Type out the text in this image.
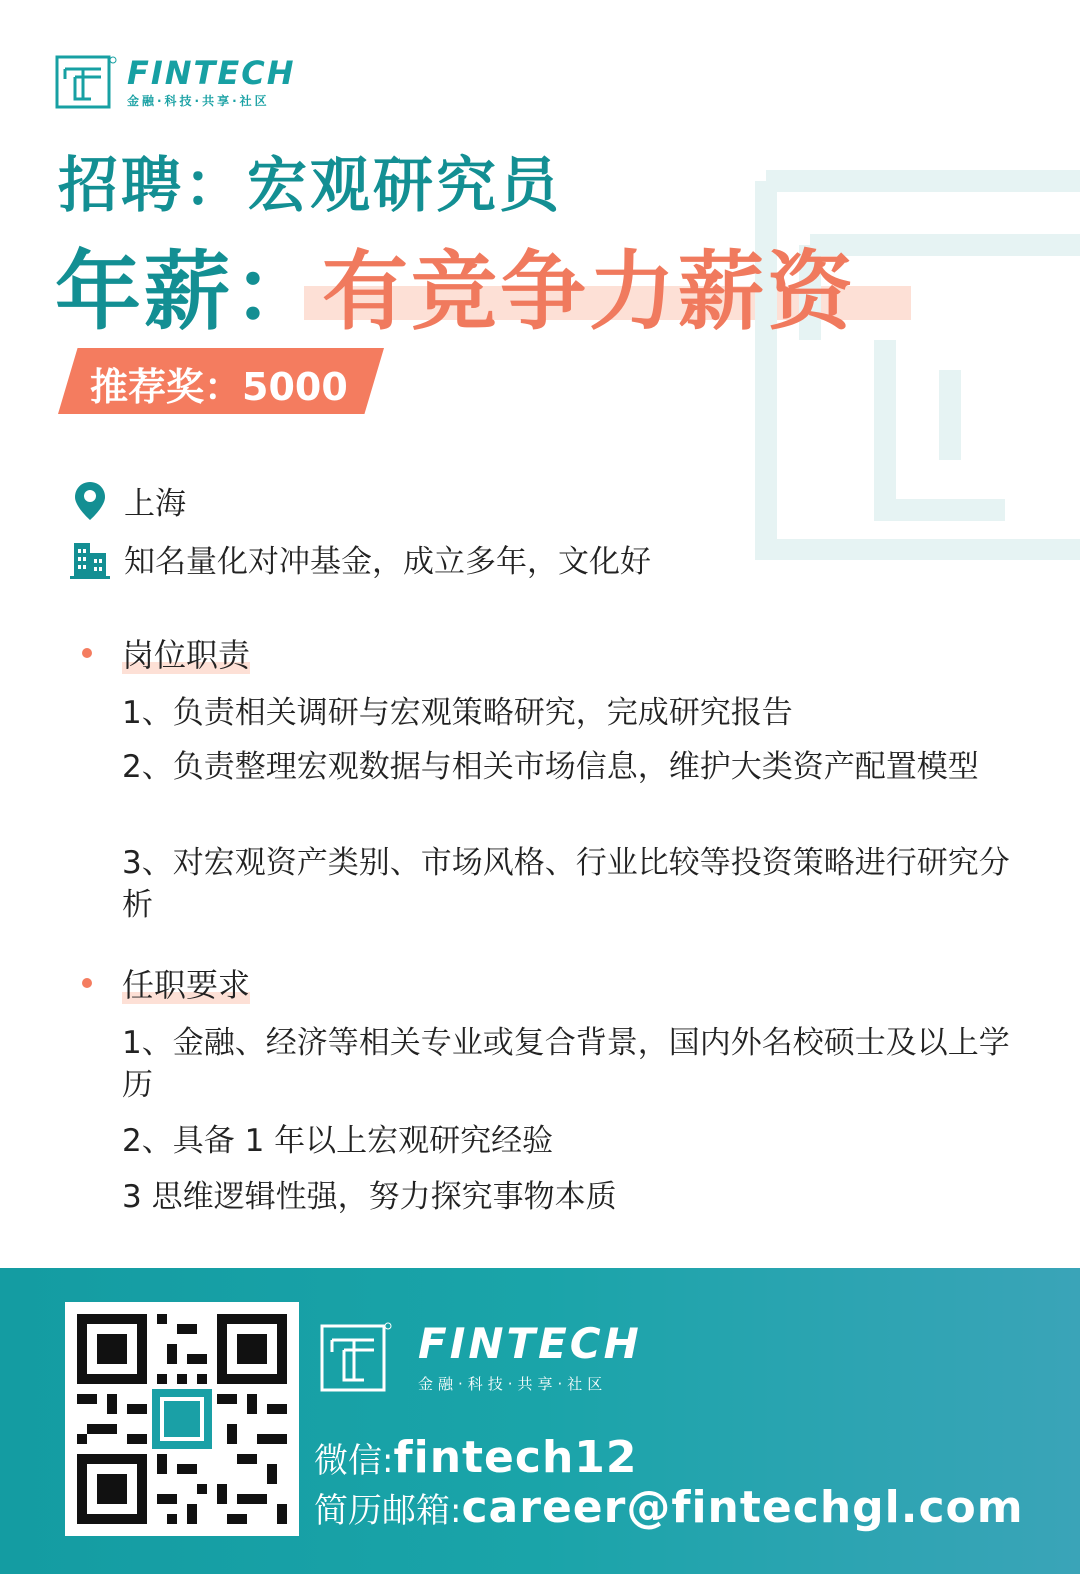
FINTECH
金融·科技·共享·社区
招聘：宏观研究员
年薪：
有竞争力薪资
推荐奖：5000
上海
知名量化对冲基金，成立多年，文化好
岗位职责
1、负责相关调研与宏观策略研究，完成研究报告
2、负责整理宏观数据与相关市场信息，维护大类资产配置模型
3、对宏观资产类别、市场风格、行业比较等投资策略进行研究分析
任职要求
1、金融、经济等相关专业或复合背景，国内外名校硕士及以上学历
2、具备 1 年以上宏观研究经验
3 思维逻辑性强，努力探究事物本质
FINTECH
金融·科技·共享·社区
微信:fintech12
简历邮箱:career@fintechgl.com
